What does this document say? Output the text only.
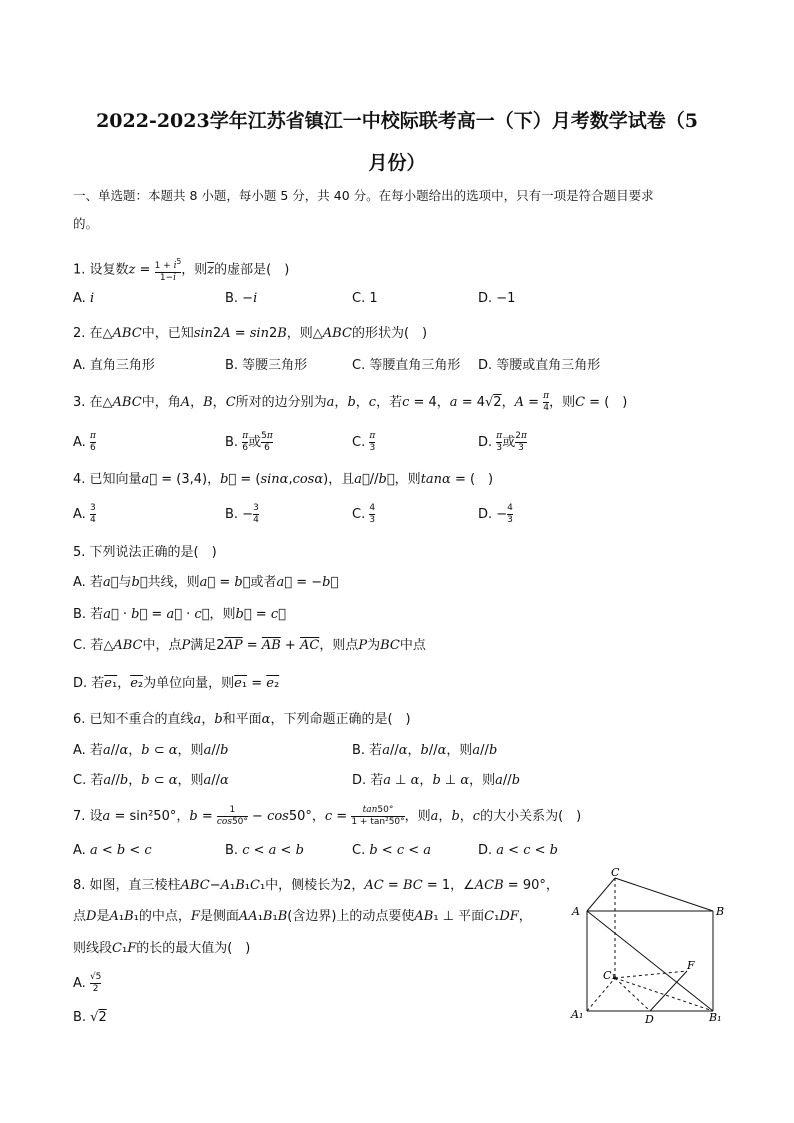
2022-2023学年江苏省镇江一中校际联考高一（下）月考数学试卷（5
月份）
一、单选题：本题共 8 小题，每小题 5 分，共 40 分。在每小题给出的选项中，只有一项是符合题目要求
的。
1. 设复数$z = \frac{1 + i^5}{1-i}$ ，则$\overline{z}$的虚部是(　)
A. i	B. −i	C. 1	D. −1
2. 在△ABC中，已知sin2A = sin2B，则△ABC的形状为(　)
A. 直角三角形	B. 等腰三角形	C. 等腰直角三角形 D. 等腰或直角三角形
3. 在△ABC中，角A，B，C所对的边分别为a，b，c，若c = 4，a = 4√2，$A = \frac{\pi}{4}$ ，则C = (　)
A. $\frac{\pi}{6}$	B. $\frac{\pi}{6}$ 或 $\frac{5\pi}{6}$	C. $\frac{\pi}{3}$	D. $\frac{\pi}{3}$ 或 $\frac{2\pi}{3}$
4. 已知向量a⃗ = (3,4)，b⃗ = (sinα,cosα)，且a⃗//b⃗，则tanα = (　)
A. $\frac{3}{4}$	B. − $\frac{3}{4}$	C. $\frac{4}{3}$	D. − $\frac{4}{3}$
5. 下列说法正确的是(　)
A. 若a⃗与b⃗共线，则a⃗ = b⃗或者a⃗ = −b⃗
B. 若a⃗ · b⃗ = a⃗ · c⃗，则b⃗ = c⃗
C. 若△ABC中，点P满足$2\overline{AP} = \overline{AB} + \overline{AC}$，则点P为BC中点
D. 若e₁，e₂为单位向量，则e₁ = e₂
6. 已知不重合的直线a，b和平面α，下列命题正确的是(　)
A. 若a//α，b ⊂ α，则a//b	B. 若a//α，b//α，则a//b
C. 若a//b，b ⊂ α，则a//α	D. 若a ⊥ α，b ⊥ α，则a//b
7. 设a = sin²50°，$b = \frac{1}{\cos 50^\circ} - \cos 50^\circ$，$c = \frac{\tan 50^\circ}{\text{1 + tan²50°}}$ ，则a，b，c的大小关系为(　)
A. a < b < c	B. c < a < b	C. b < c < a	D. a < c < b
8. 如图，直三棱柱ABC−A₁B₁C₁中，侧棱长为2，AC = BC = 1，∠ACB = 90°，
点D是A₁B₁的中点，F是侧面AA₁B₁B(含边界)上的动点要使AB₁ ⊥ 平面C₁DF，
则线段C₁F的长的最大值为(　)
A. $\frac{√5}{2}$
B. √2
C
A	B
C₁
F
A₁	D	B₁
